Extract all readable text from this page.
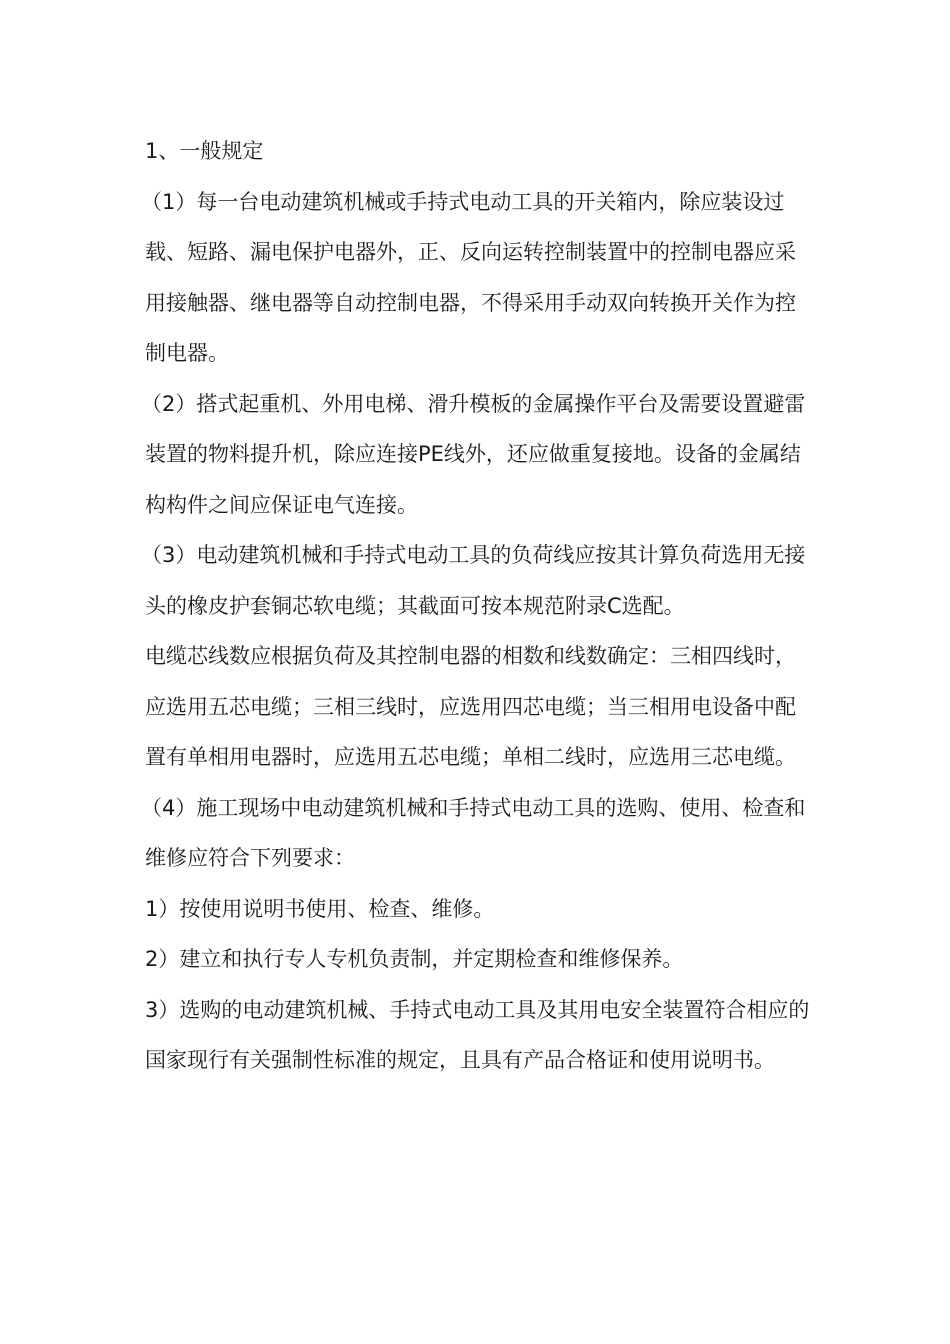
1、一般规定

（1）每一台电动建筑机械或手持式电动工具的开关箱内，除应装设过载、短路、漏电保护电器外，正、反向运转控制装置中的控制电器应采用接触器、继电器等自动控制电器，不得采用手动双向转换开关作为控制电器。

（2）搭式起重机、外用电梯、滑升模板的金属操作平台及需要设置避雷装置的物料提升机，除应连接PE线外，还应做重复接地。设备的金属结构构件之间应保证电气连接。

（3）电动建筑机械和手持式电动工具的负荷线应按其计算负荷选用无接头的橡皮护套铜芯软电缆；其截面可按本规范附录C选配。

电缆芯线数应根据负荷及其控制电器的相数和线数确定：三相四线时，应选用五芯电缆；三相三线时，应选用四芯电缆；当三相用电设备中配置有单相用电器时，应选用五芯电缆；单相二线时，应选用三芯电缆。

（4）施工现场中电动建筑机械和手持式电动工具的选购、使用、检查和维修应符合下列要求：

1）按使用说明书使用、检查、维修。

2）建立和执行专人专机负责制，并定期检查和维修保养。

3）选购的电动建筑机械、手持式电动工具及其用电安全装置符合相应的国家现行有关强制性标准的规定，且具有产品合格证和使用说明书。
